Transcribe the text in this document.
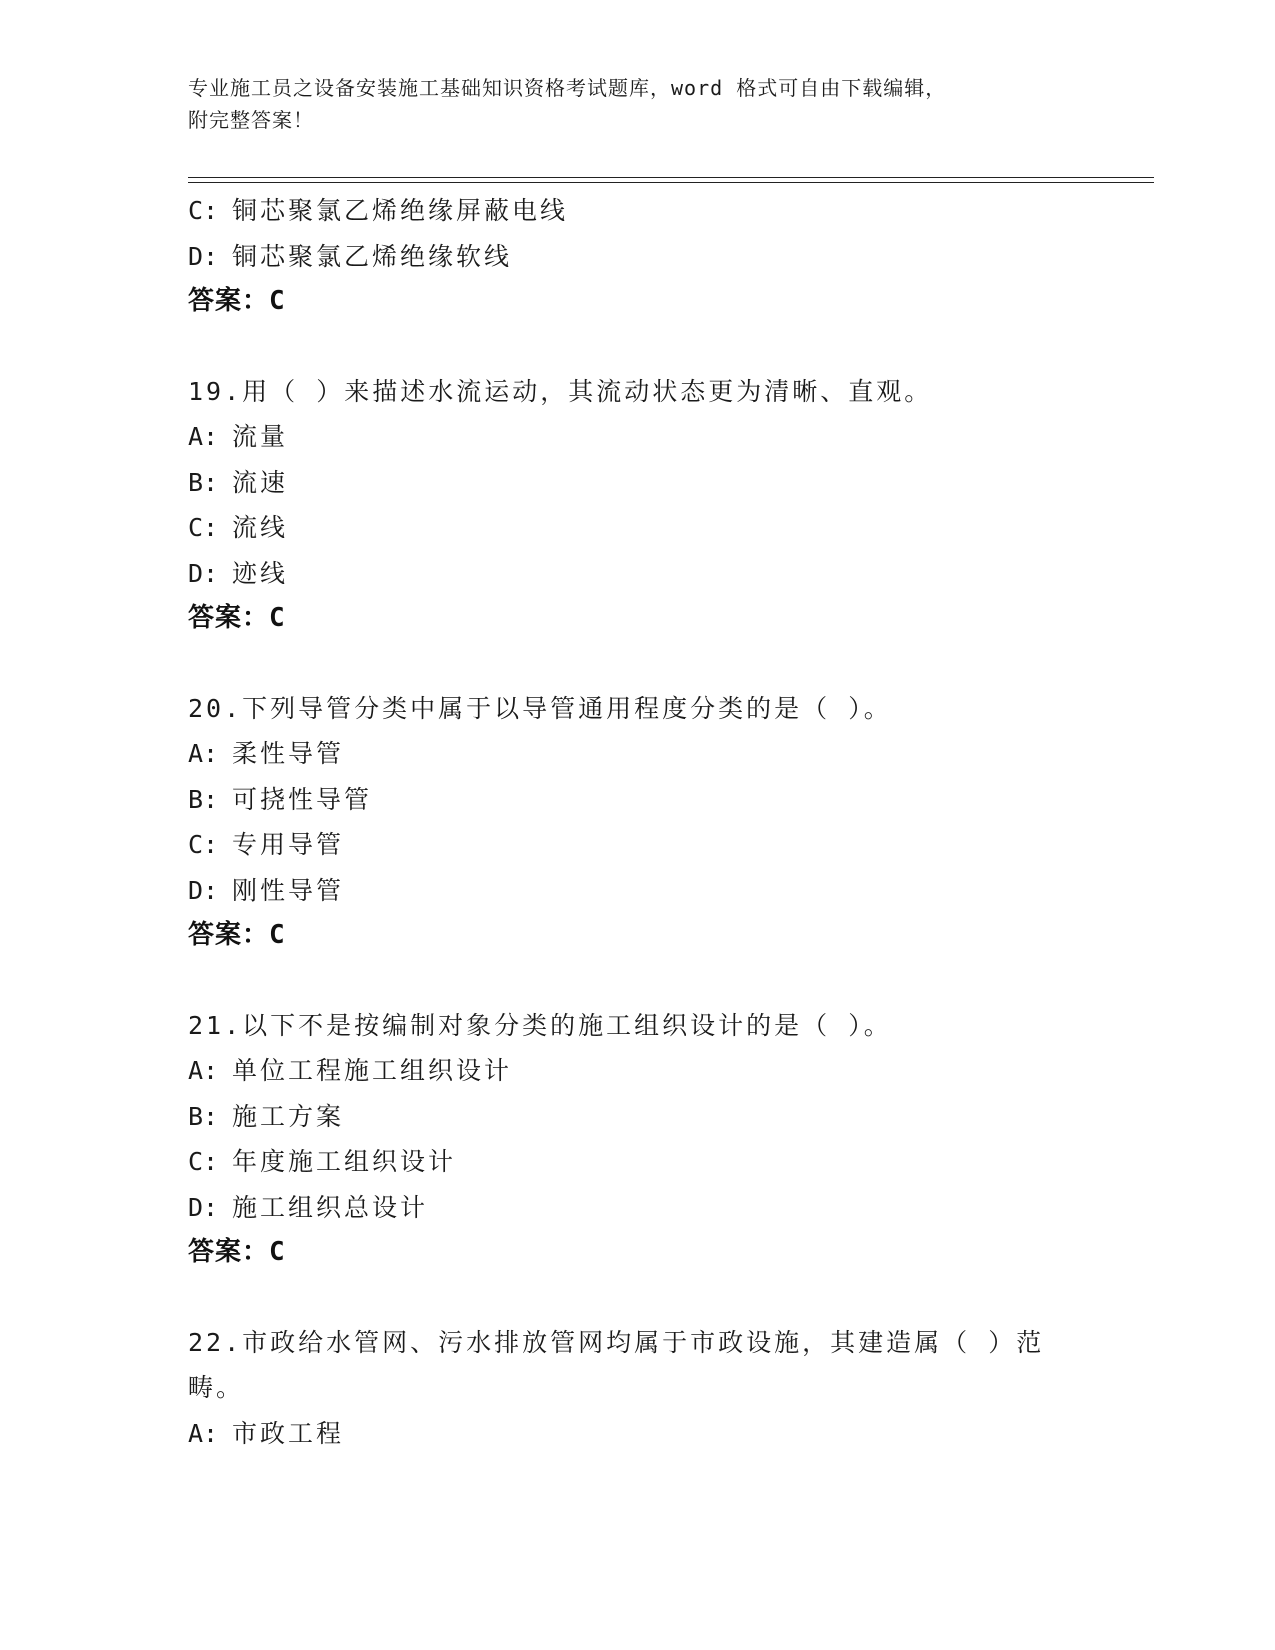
专业施工员之设备安装施工基础知识资格考试题库，word 格式可自由下载编辑，
附完整答案！
C: 铜芯聚氯乙烯绝缘屏蔽电线
D: 铜芯聚氯乙烯绝缘软线
答案：C
19.用（ ）来描述水流运动，其流动状态更为清晰、直观。
A: 流量
B: 流速
C: 流线
D: 迹线
答案：C
20.下列导管分类中属于以导管通用程度分类的是（ ）。
A: 柔性导管
B: 可挠性导管
C: 专用导管
D: 刚性导管
答案：C
21.以下不是按编制对象分类的施工组织设计的是（ ）。
A: 单位工程施工组织设计
B: 施工方案
C: 年度施工组织设计
D: 施工组织总设计
答案：C
22.市政给水管网、污水排放管网均属于市政设施，其建造属（ ）范
畴。
A: 市政工程
